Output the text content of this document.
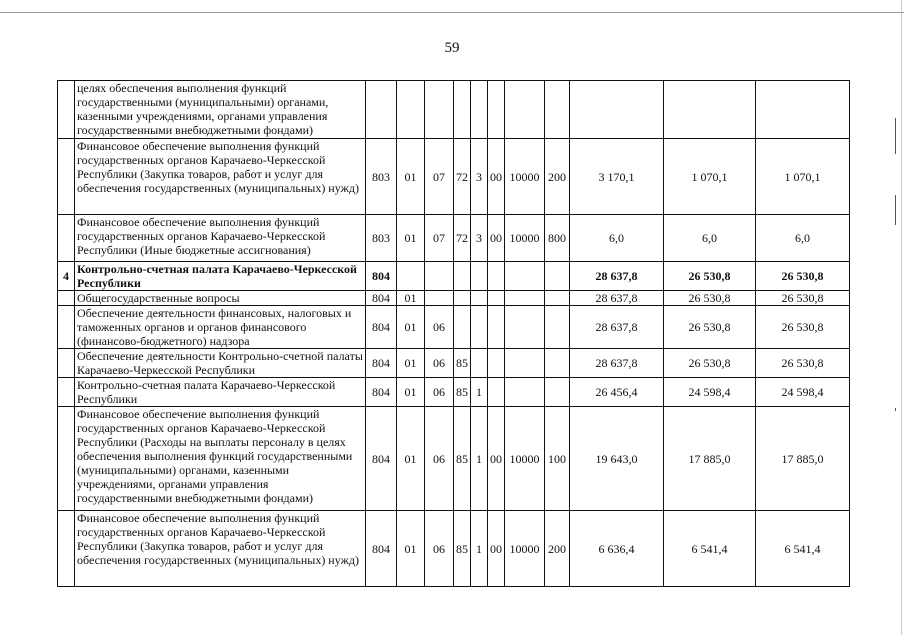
59
	целях обеспечения выполнения функций государственными (муниципальными) органами, казенными учреждениями, органами управления государственными внебюджетными фондами)											
	Финансовое обеспечение выполнения функций государственных органов Карачаево-Черкесской Республики (Закупка товаров, работ и услуг для обеспечения государственных (муниципальных) нужд)	803	01	07	72	3	00	10000	200	3 170,1	1 070,1	1 070,1
	Финансовое обеспечение выполнения функций государственных органов Карачаево-Черкесской Республики (Иные бюджетные ассигнования)	803	01	07	72	3	00	10000	800	6,0	6,0	6,0
4	Контрольно-счетная палата Карачаево-Черкесской Республики	804								28 637,8	26 530,8	26 530,8
	Общегосударственные вопросы	804	01							28 637,8	26 530,8	26 530,8
	Обеспечение деятельности финансовых, налоговых и таможенных органов и органов финансового (финансово-бюджетного) надзора	804	01	06						28 637,8	26 530,8	26 530,8
	Обеспечение деятельности Контрольно-счетной палаты Карачаево-Черкесской Республики	804	01	06	85					28 637,8	26 530,8	26 530,8
	Контрольно-счетная палата Карачаево-Черкесской Республики	804	01	06	85	1				26 456,4	24 598,4	24 598,4
	Финансовое обеспечение выполнения функций государственных органов Карачаево-Черкесской Республики (Расходы на выплаты персоналу в целях обеспечения выполнения функций государственными (муниципальными) органами, казенными учреждениями, органами управления государственными внебюджетными фондами)	804	01	06	85	1	00	10000	100	19 643,0	17 885,0	17 885,0
	Финансовое обеспечение выполнения функций государственных органов Карачаево-Черкесской Республики (Закупка товаров, работ и услуг для обеспечения государственных (муниципальных) нужд)	804	01	06	85	1	00	10000	200	6 636,4	6 541,4	6 541,4
